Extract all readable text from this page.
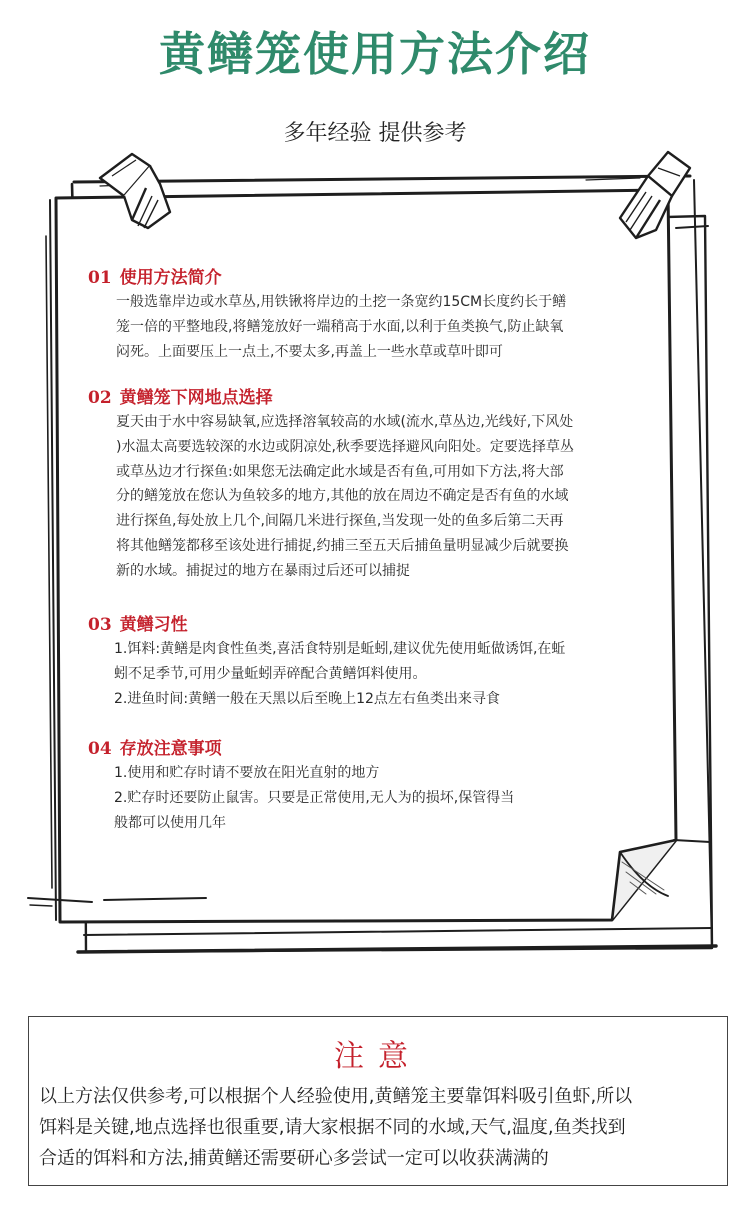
黄鳝笼使用方法介绍

多年经验 提供参考

01 使用方法简介

一般选靠岸边或水草丛,用铁锹将岸边的土挖一条宽约15CM长度约长于鳝

笼一倍的平整地段,将鳝笼放好一端稍高于水面,以利于鱼类换气,防止缺氧

闷死。上面要压上一点土,不要太多,再盖上一些水草或草叶即可

02 黄鳝笼下网地点选择

夏天由于水中容易缺氧,应选择溶氧较高的水域(流水,草丛边,光线好,下风处

)水温太高要选较深的水边或阴凉处,秋季要选择避风向阳处。定要选择草丛

或草丛边才行探鱼:如果您无法确定此水域是否有鱼,可用如下方法,将大部

分的鳝笼放在您认为鱼较多的地方,其他的放在周边不确定是否有鱼的水域

进行探鱼,每处放上几个,间隔几米进行探鱼,当发现一处的鱼多后第二天再

将其他鳝笼都移至该处进行捕捉,约捕三至五天后捕鱼量明显减少后就要换

新的水域。捕捉过的地方在暴雨过后还可以捕捉

03 黄鳝习性

1.饵料:黄鳝是肉食性鱼类,喜活食特别是蚯蚓,建议优先使用蚯做诱饵,在蚯

蚓不足季节,可用少量蚯蚓弄碎配合黄鳝饵料使用。

2.进鱼时间:黄鳝一般在天黑以后至晚上12点左右鱼类出来寻食

04 存放注意事项

1.使用和贮存时请不要放在阳光直射的地方

2.贮存时还要防止鼠害。只要是正常使用,无人为的损坏,保管得当

般都可以使用几年

注意

以上方法仅供参考,可以根据个人经验使用,黄鳝笼主要靠饵料吸引鱼虾,所以

饵料是关键,地点选择也很重要,请大家根据不同的水域,天气,温度,鱼类找到

合适的饵料和方法,捕黄鳝还需要研心多尝试一定可以收获满满的
